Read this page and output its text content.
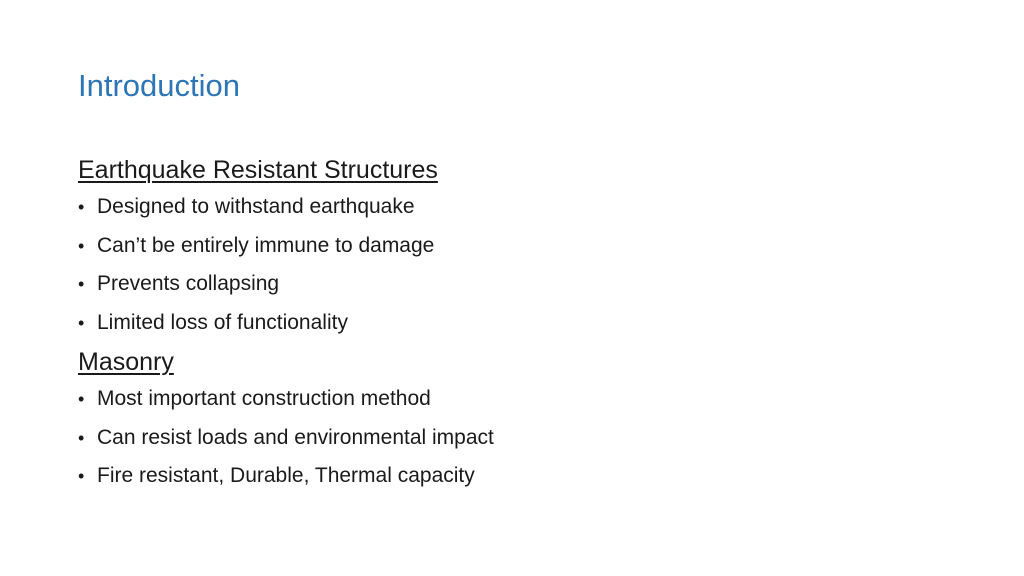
Introduction
Earthquake Resistant Structures
• Designed to withstand earthquake
• Can’t be entirely immune to damage
• Prevents collapsing
• Limited loss of functionality
Masonry
• Most important construction method
• Can resist loads and environmental impact
• Fire resistant, Durable, Thermal capacity
